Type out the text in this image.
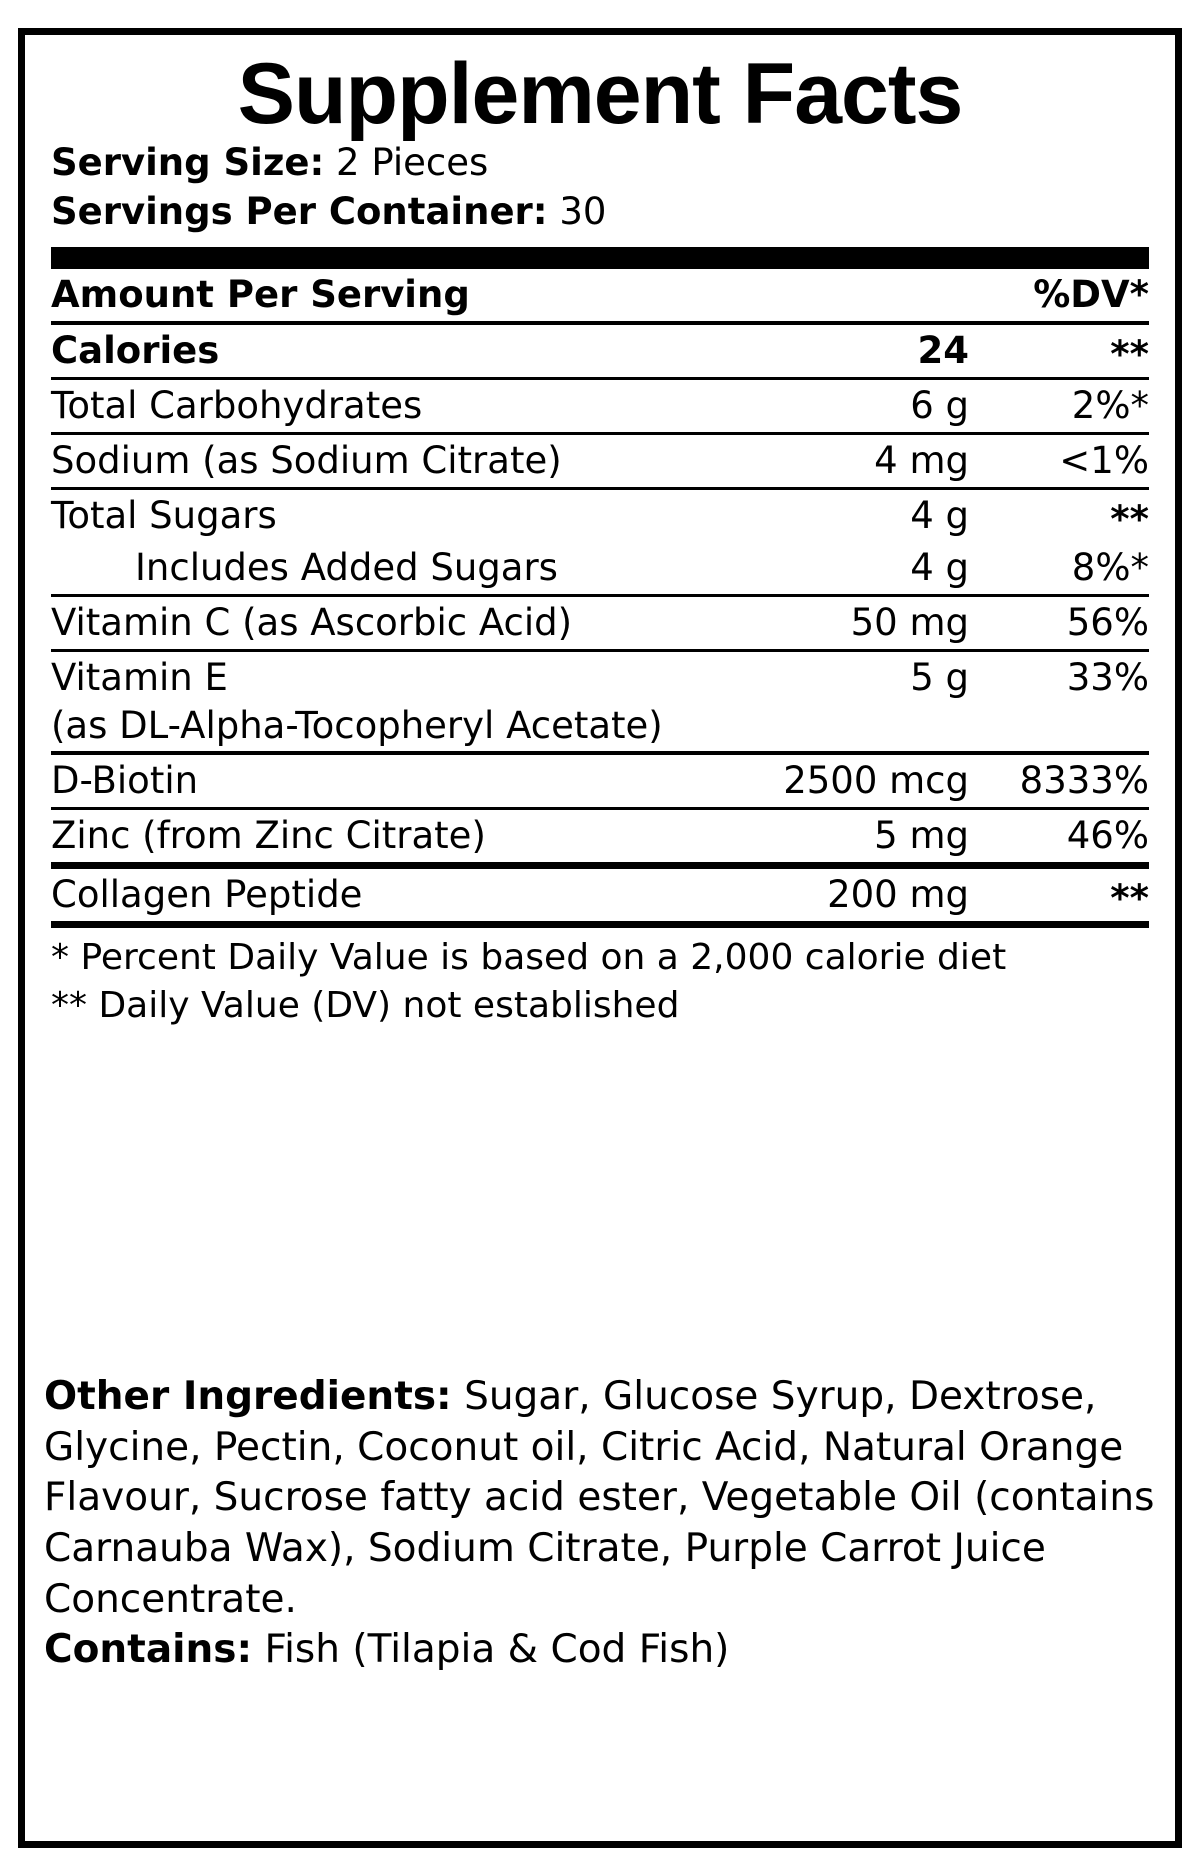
Supplement Facts
Serving Size: 2 Pieces
Servings Per Container: 30
Amount Per Serving		%DV*
Calories	24	**
Total Carbohydrates	6 g	2%*
Sodium (as Sodium Citrate)	4 mg	<1%
Total Sugars	4 g	**
Includes Added Sugars	4 g	8%*
Vitamin C (as Ascorbic Acid)	50 mg	56%
Vitamin E	5 g	33%
(as DL-Alpha-Tocopheryl Acetate)		
D-Biotin	2500 mcg	8333%
Zinc (from Zinc Citrate)	5 mg	46%
Collagen Peptide	200 mg	**
* Percent Daily Value is based on a 2,000 calorie diet
** Daily Value (DV) not established

Other Ingredients: Sugar, Glucose Syrup, Dextrose, Glycine, Pectin, Coconut oil, Citric Acid, Natural Orange Flavour, Sucrose fatty acid ester, Vegetable Oil (contains Carnauba Wax), Sodium Citrate, Purple Carrot Juice Concentrate.

Contains: Fish (Tilapia & Cod Fish)
